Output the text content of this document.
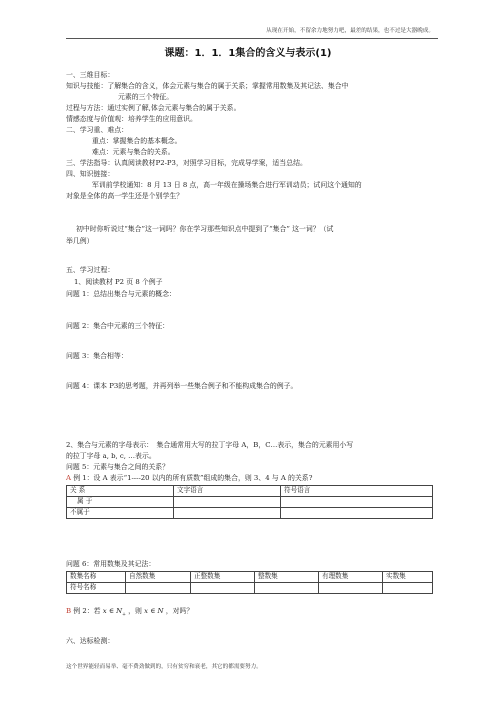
从现在开始，不留余力地努力吧，最差的结果，也不过是大器晚成。
课题：1．1．1集合的含义与表示(1)
一、三维目标：
知识与技能：了解集合的含义，体会元素与集合的属于关系；掌握常用数集及其记法、集合中
元素的三个特征。
过程与方法：通过实例了解,体会元素与集合的属于关系。
情感态度与价值观：培养学生的应用意识。
二、学习重、难点：
重点：掌握集合的基本概念。
难点：元素与集合的关系。
三、学法指导：认真阅读教材P2-P3，对照学习目标，完成导学案，适当总结。
四、知识链接：
军训前学校通知：8 月 13 日 8 点，高一年级在操场集合进行军训动员；试问这个通知的
对象是全体的高一学生还是个别学生？
初中时你听说过“集合”这一词吗？你在学习那些知识点中提到了“集合” 这一词？（试
举几例）
五、学习过程：
1、阅读教材 P2 页 8 个例子
问题 1：总结出集合与元素的概念：
问题 2：集合中元素的三个特征：
问题 3：集合相等：
问题 4：课本 P3的思考题，并再列举一些集合例子和不能构成集合的例子。
2、集合与元素的字母表示：　集合通常用大写的拉丁字母 A，B，C…表示，集合的元素用小写
的拉丁字母 a, b, c, …表示。
问题 5：元素与集合之间的关系？
A 例 1：设 A 表示“1----20 以内的所有质数”组成的集合，则 3、4 与 A 的关系?
关 系	文字语言	符号语言
属 于		
不属于		
问题 6：常用数集及其记法：
数集名称	自然数集	正整数集	整数集	有理数集	实数集
符号名称					
B 例 2：若 x ∈ $N_+$ ，则 x ∈ N ，对吗？
六、达标检测：
这个世界能轻而易举、毫不费劲做到的，只有贫穷和衰老，其它的都需要努力。
